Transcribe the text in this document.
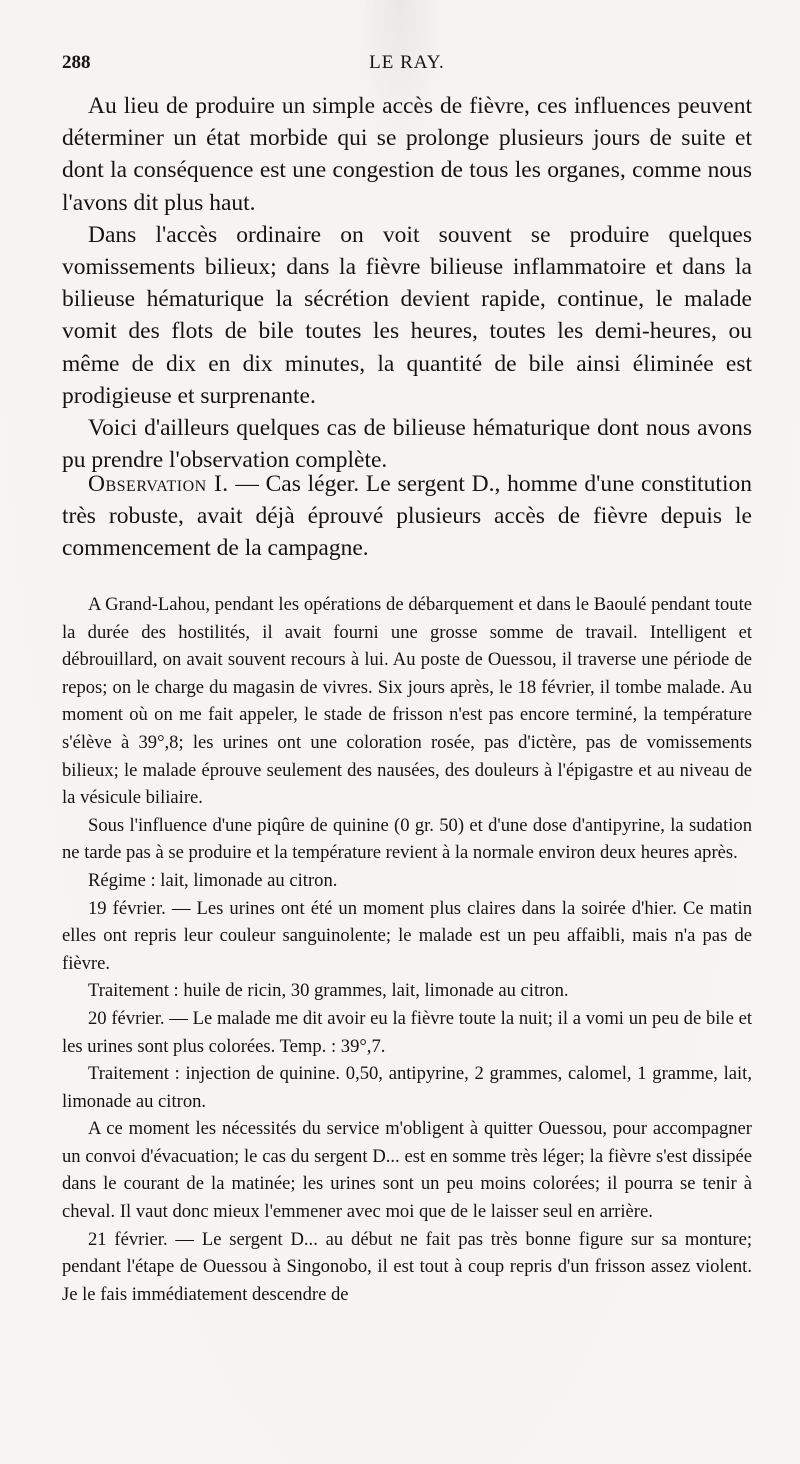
288	LE RAY.

Au lieu de produire un simple accès de fièvre, ces influences peuvent déterminer un état morbide qui se prolonge plusieurs jours de suite et dont la conséquence est une congestion de tous les organes, comme nous l'avons dit plus haut.

Dans l'accès ordinaire on voit souvent se produire quelques vomissements bilieux; dans la fièvre bilieuse inflammatoire et dans la bilieuse hématurique la sécrétion devient rapide, continue, le malade vomit des flots de bile toutes les heures, toutes les demi-heures, ou même de dix en dix minutes, la quantité de bile ainsi éliminée est prodigieuse et surprenante.

Voici d'ailleurs quelques cas de bilieuse hématurique dont nous avons pu prendre l'observation complète.

Observation I. — Cas léger. Le sergent D., homme d'une constitution très robuste, avait déjà éprouvé plusieurs accès de fièvre depuis le commencement de la campagne.

A Grand-Lahou, pendant les opérations de débarquement et dans le Baoulé pendant toute la durée des hostilités, il avait fourni une grosse somme de travail. Intelligent et débrouillard, on avait souvent recours à lui. Au poste de Ouessou, il traverse une période de repos; on le charge du magasin de vivres. Six jours après, le 18 février, il tombe malade. Au moment où on me fait appeler, le stade de frisson n'est pas encore terminé, la température s'élève à 39°,8; les urines ont une coloration rosée, pas d'ictère, pas de vomissements bilieux; le malade éprouve seulement des nausées, des douleurs à l'épigastre et au niveau de la vésicule biliaire.

Sous l'influence d'une piqûre de quinine (0 gr. 50) et d'une dose d'antipyrine, la sudation ne tarde pas à se produire et la température revient à la normale environ deux heures après.

Régime : lait, limonade au citron.

19 février. — Les urines ont été un moment plus claires dans la soirée d'hier. Ce matin elles ont repris leur couleur sanguinolente; le malade est un peu affaibli, mais n'a pas de fièvre.

Traitement : huile de ricin, 30 grammes, lait, limonade au citron.

20 février. — Le malade me dit avoir eu la fièvre toute la nuit; il a vomi un peu de bile et les urines sont plus colorées. Temp. : 39°,7.

Traitement : injection de quinine. 0,50, antipyrine, 2 grammes, calomel, 1 gramme, lait, limonade au citron.

A ce moment les nécessités du service m'obligent à quitter Ouessou, pour accompagner un convoi d'évacuation; le cas du sergent D... est en somme très léger; la fièvre s'est dissipée dans le courant de la matinée; les urines sont un peu moins colorées; il pourra se tenir à cheval. Il vaut donc mieux l'emmener avec moi que de le laisser seul en arrière.

21 février. — Le sergent D... au début ne fait pas très bonne figure sur sa monture; pendant l'étape de Ouessou à Singonobo, il est tout à coup repris d'un frisson assez violent. Je le fais immédiatement descendre de
